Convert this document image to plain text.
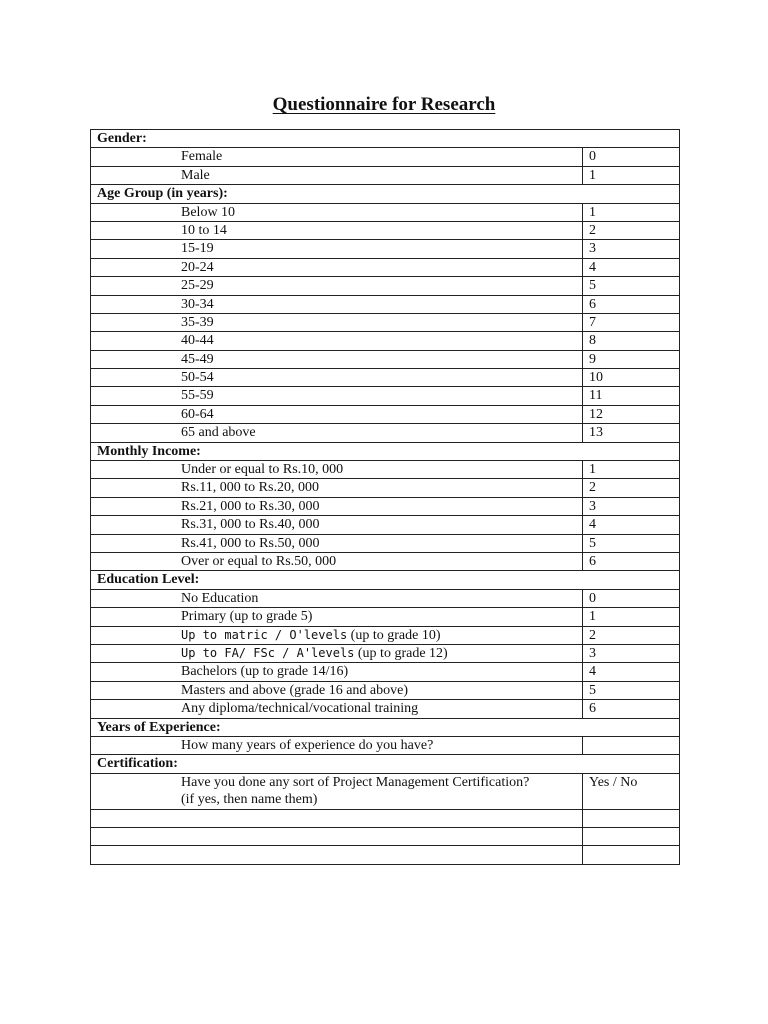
Questionnaire for Research
Gender:	
Female	0
Male	1
Age Group (in years):	
Below 10	1
10 to 14	2
15-19	3
20-24	4
25-29	5
30-34	6
35-39	7
40-44	8
45-49	9
50-54	10
55-59	11
60-64	12
65 and above	13
Monthly Income:	
Under or equal to Rs.10, 000	1
Rs.11, 000 to Rs.20, 000	2
Rs.21, 000 to Rs.30, 000	3
Rs.31, 000 to Rs.40, 000	4
Rs.41, 000 to Rs.50, 000	5
Over or equal to Rs.50, 000	6
Education Level:	
No Education	0
Primary (up to grade 5)	1
Up to matric / O'levels (up to grade 10)	2
Up to FA/ FSc / A'levels (up to grade 12)	3
Bachelors (up to grade 14/16)	4
Masters and above (grade 16 and above)	5
Any diploma/technical/vocational training	6
Years of Experience:	
How many years of experience do you have?	
Certification:	

Have you done any sort of Project Management Certification?
(if yes, then name them)	Yes / No
